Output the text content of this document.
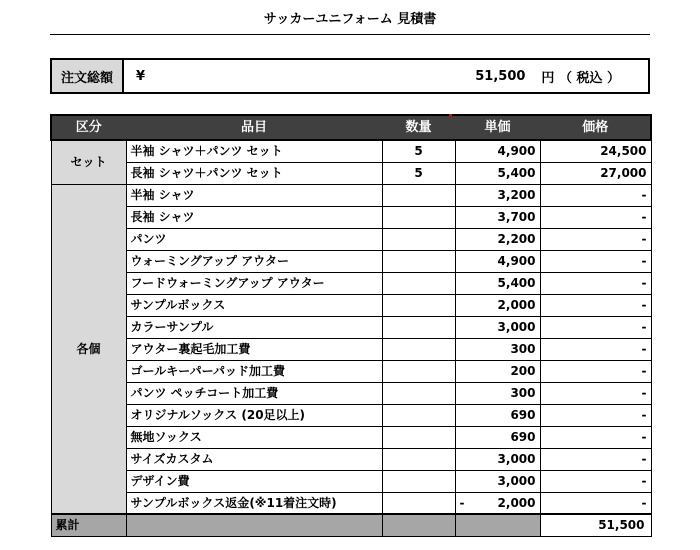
サッカーユニフォーム 見積書
注文総額	¥	51,500	円 （ 税込 ）
区分	品目	数量	単価	価格
セット	半袖 シャツ＋パンツ セット	5	4,900	24,500
	長袖 シャツ＋パンツ セット	5	5,400	27,000
各個	半袖 シャツ		3,200	-
	長袖 シャツ		3,700	-
	パンツ		2,200	-
	ウォーミングアップ アウター		4,900	-
	フードウォーミングアップ アウター		5,400	-
	サンプルボックス		2,000	-
	カラーサンプル		3,000	-
	アウター裏起毛加工費		300	-
	ゴールキーパーパッド加工費		200	-
	パンツ ペッチコート加工費		300	-
	オリジナルソックス (20足以上)		690	-
	無地ソックス		690	-
	サイズカスタム		3,000	-
	デザイン費		3,000	-
	サンプルボックス返金(※11着注文時)		- 2,000	-
累計				51,500
